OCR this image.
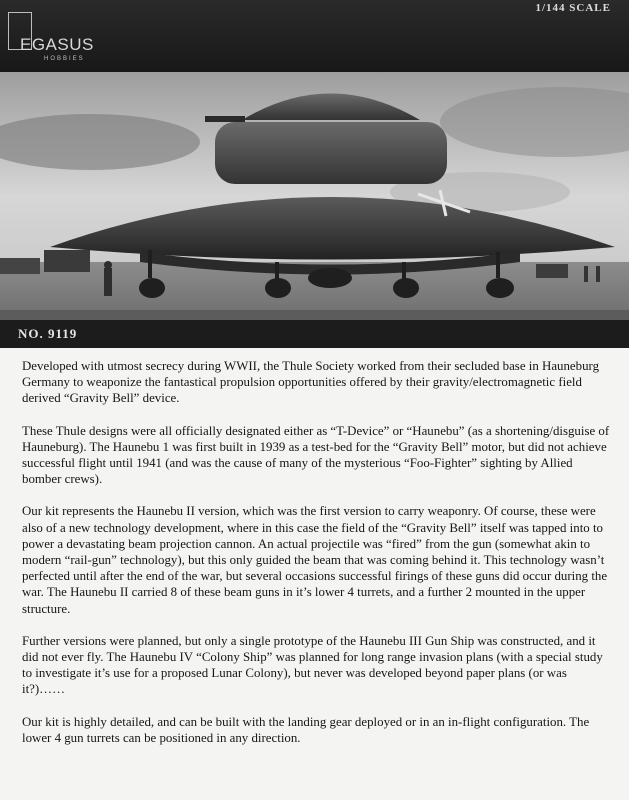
EGASUS
HOBBIES
1/144 SCALE
NO. 9119

Developed with utmost secrecy during WWII, the Thule Society worked from their secluded base in Hauneburg Germany to weaponize the fantastical propulsion opportunities offered by their gravity/electromagnetic field derived “Gravity Bell” device.

These Thule designs were all officially designated either as “T-Device” or “Haunebu” (as a shortening/disguise of Hauneburg). The Haunebu 1 was first built in 1939 as a test-bed for the “Gravity Bell” motor, but did not achieve successful flight until 1941 (and was the cause of many of the mysterious “Foo-Fighter” sighting by Allied bomber crews).

Our kit represents the Haunebu II version, which was the first version to carry weaponry. Of course, these were also of a new technology development, where in this case the field of the “Gravity Bell” itself was tapped into to power a devastating beam projection cannon. An actual projectile was “fired” from the gun (somewhat akin to modern “rail-gun” technology), but this only guided the beam that was coming behind it. This technology wasn’t perfected until after the end of the war, but several occasions successful firings of these guns did occur during the war. The Haunebu II carried 8 of these beam guns in it’s lower 4 turrets, and a further 2 mounted in the upper structure.

Further versions were planned, but only a single prototype of the Haunebu III Gun Ship was constructed, and it did not ever fly. The Haunebu IV “Colony Ship” was planned for long range invasion plans (with a special study to investigate it’s use for a proposed Lunar Colony), but never was developed beyond paper plans (or was it?)……

Our kit is highly detailed, and can be built with the landing gear deployed or in an in-flight configuration. The lower 4 gun turrets can be positioned in any direction.
